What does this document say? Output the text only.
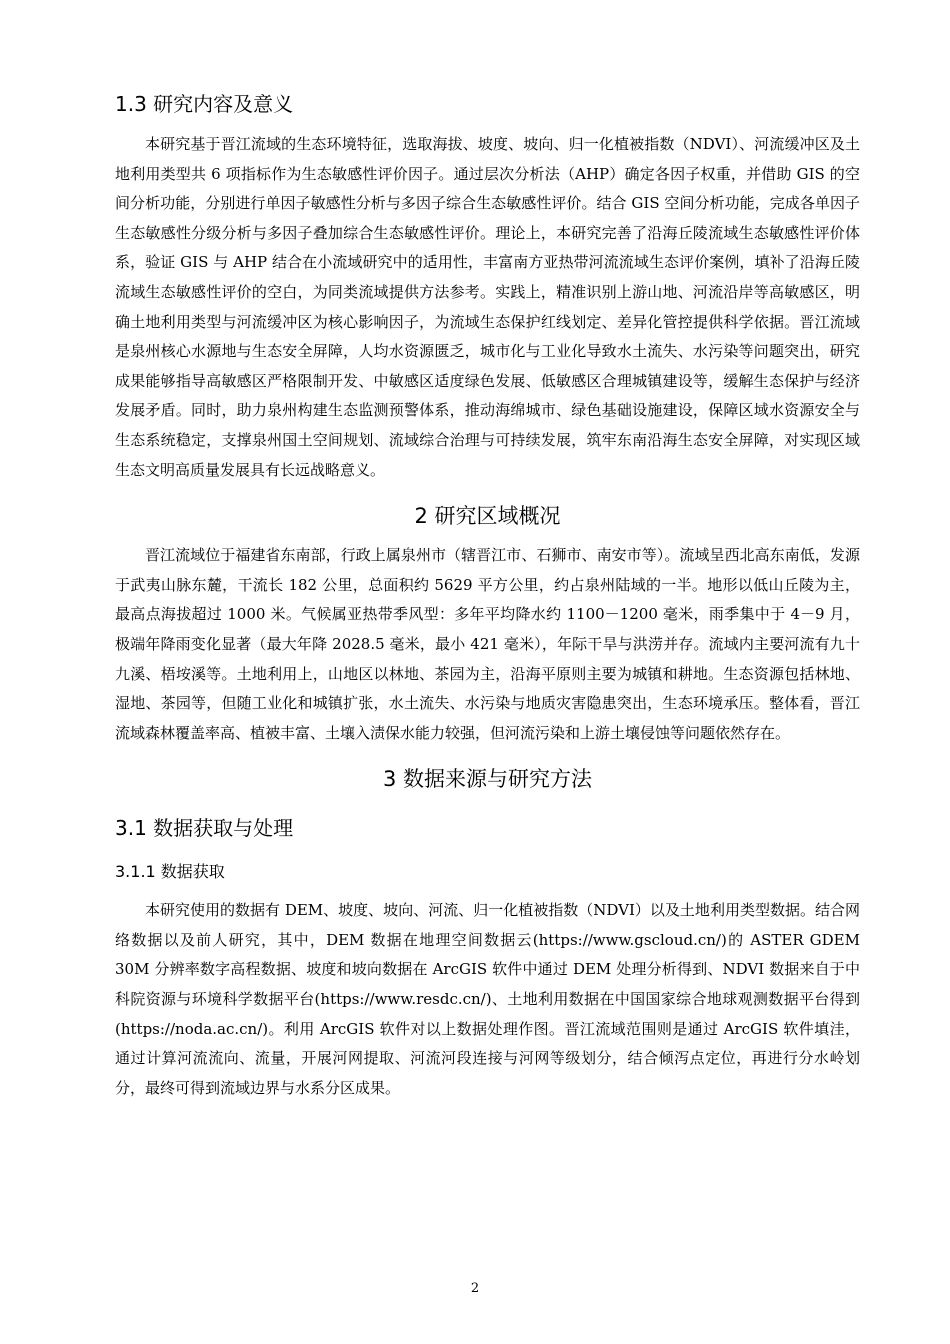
1.3 研究内容及意义

本研究基于晋江流域的生态环境特征，选取海拔、坡度、坡向、归一化植被指数（NDVI）、河流缓冲区及土地利用类型共 6 项指标作为生态敏感性评价因子。通过层次分析法（AHP）确定各因子权重，并借助 GIS 的空间分析功能，分别进行单因子敏感性分析与多因子综合生态敏感性评价。结合 GIS 空间分析功能，完成各单因子生态敏感性分级分析与多因子叠加综合生态敏感性评价。理论上，本研究完善了沿海丘陵流域生态敏感性评价体系，验证 GIS 与 AHP 结合在小流域研究中的适用性，丰富南方亚热带河流流域生态评价案例，填补了沿海丘陵流域生态敏感性评价的空白，为同类流域提供方法参考。实践上，精准识别上游山地、河流沿岸等高敏感区，明确土地利用类型与河流缓冲区为核心影响因子，为流域生态保护红线划定、差异化管控提供科学依据。晋江流域是泉州核心水源地与生态安全屏障，人均水资源匮乏，城市化与工业化导致水土流失、水污染等问题突出，研究成果能够指导高敏感区严格限制开发、中敏感区适度绿色发展、低敏感区合理城镇建设等，缓解生态保护与经济发展矛盾。同时，助力泉州构建生态监测预警体系，推动海绵城市、绿色基础设施建设，保障区域水资源安全与生态系统稳定，支撑泉州国土空间规划、流域综合治理与可持续发展，筑牢东南沿海生态安全屏障，对实现区域生态文明高质量发展具有长远战略意义。

2 研究区域概况

晋江流域位于福建省东南部，行政上属泉州市（辖晋江市、石狮市、南安市等）。流域呈西北高东南低，发源于武夷山脉东麓，干流长 182 公里，总面积约 5629 平方公里，约占泉州陆域的一半。地形以低山丘陵为主，最高点海拔超过 1000 米。气候属亚热带季风型：多年平均降水约 1100－1200 毫米，雨季集中于 4－9 月，极端年降雨变化显著（最大年降 2028.5 毫米，最小 421 毫米），年际干旱与洪涝并存。流域内主要河流有九十九溪、梧垵溪等。土地利用上，山地区以林地、茶园为主，沿海平原则主要为城镇和耕地。生态资源包括林地、湿地、茶园等，但随工业化和城镇扩张，水土流失、水污染与地质灾害隐患突出，生态环境承压。整体看，晋江流域森林覆盖率高、植被丰富、土壤入渍保水能力较强，但河流污染和上游土壤侵蚀等问题依然存在。

3 数据来源与研究方法
3.1 数据获取与处理
3.1.1 数据获取

本研究使用的数据有 DEM、坡度、坡向、河流、归一化植被指数（NDVI）以及土地利用类型数据。结合网络数据以及前人研究，其中，DEM 数据在地理空间数据云(https://www.gscloud.cn/)的 ASTER GDEM 30M 分辨率数字高程数据、坡度和坡向数据在 ArcGIS 软件中通过 DEM 处理分析得到、NDVI 数据来自于中科院资源与环境科学数据平台(https://www.resdc.cn/)、土地利用数据在中国国家综合地球观测数据平台得到(https://noda.ac.cn/)。利用 ArcGIS 软件对以上数据处理作图。晋江流域范围则是通过 ArcGIS 软件填洼，通过计算河流流向、流量，开展河网提取、河流河段连接与河网等级划分，结合倾泻点定位，再进行分水岭划分，最终可得到流域边界与水系分区成果。

2
